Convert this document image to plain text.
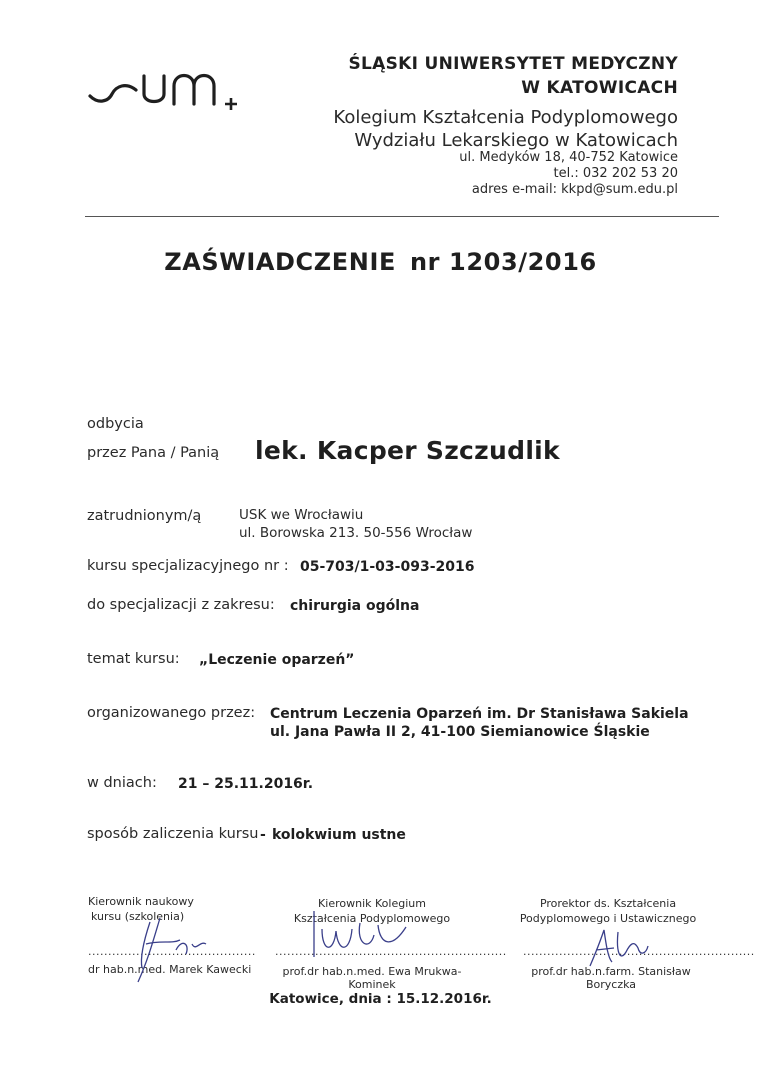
ŚLĄSKI UNIWERSYTET MEDYCZNY
W KATOWICACH
Kolegium Kształcenia Podyplomowego
Wydziału Lekarskiego w Katowicach
ul. Medyków 18, 40-752 Katowice
tel.: 032 202 53 20
adres e-mail: kkpd@sum.edu.pl
ZAŚWIADCZENIE nr 1203/2016
odbycia
przez Pana / Panią lek. Kacper Szczudlik
zatrudnionym/ą	USK we Wrocławiu
ul. Borowska 213. 50-556 Wrocław
kursu specjalizacyjnego nr : 05-703/1-03-093-2016
do specjalizacji z zakresu: chirurgia ogólna
temat kursu: „Leczenie oparzeń”
organizowanego przez: Centrum Leczenia Oparzeń im. Dr Stanisława Sakiela
ul. Jana Pawła II 2, 41-100 Siemianowice Śląskie
w dniach: 21 – 25.11.2016r.
sposób zaliczenia kursu - kolokwium ustne
Kierownik naukowy
kursu (szkolenia)
..........................................
dr hab.n.med. Marek Kawecki
Kierownik Kolegium
Kształcenia Podyplomowego
..........................................................
prof.dr hab.n.med. Ewa Mrukwa-Kominek
Prorektor ds. Kształcenia
Podyplomowego i Ustawicznego
..........................................................
prof.dr hab.n.farm. Stanisław Boryczka
Katowice, dnia : 15.12.2016r.
